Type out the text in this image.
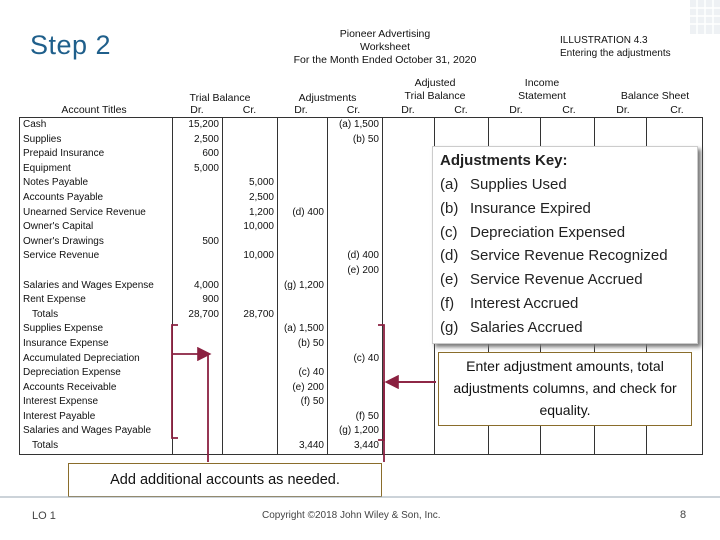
Step 2	Pioneer Advertising
Worksheet
For the Month Ended October 31, 2020
ILLUSTRATION 4.3
Entering the adjustments
Trial Balance	Adjustments
Adjusted
Trial Balance
Income
Statement	Balance Sheet
Account Titles	Dr.	Cr.	Dr.	Cr.	Dr.	Cr.	Dr.	Cr.	Dr.	Cr.
Cash	15,200			(a) 1,500						
Supplies	2,500			(b) 50						
Prepaid Insurance	600									
Equipment	5,000									
Notes Payable		5,000								
Accounts Payable		2,500								
Unearned Service Revenue		1,200	(d) 400							
Owner's Capital		10,000								
Owner's Drawings	500									
Service Revenue		10,000		(d) 400						
				(e) 200						
Salaries and Wages Expense	4,000		(g) 1,200							
Rent Expense	900									
Totals	28,700	28,700								
Supplies Expense			(a) 1,500							
Insurance Expense			(b) 50							
Accumulated Depreciation				(c) 40						
Depreciation Expense			(c) 40							
Accounts Receivable			(e) 200							
Interest Expense			(f) 50							
Interest Payable				(f) 50						
Salaries and Wages Payable				(g) 1,200						
Totals			3,440	3,440						
Adjustments Key:
(a) Supplies Used
(b) Insurance Expired
(c) Depreciation Expensed
(d) Service Revenue Recognized
(e) Service Revenue Accrued
(f) Interest Accrued
(g) Salaries Accrued
Enter adjustment amounts, total adjustments columns, and check for equality.
Add additional accounts as needed.
LO 1	Copyright ©2018 John Wiley & Son, Inc.	8
